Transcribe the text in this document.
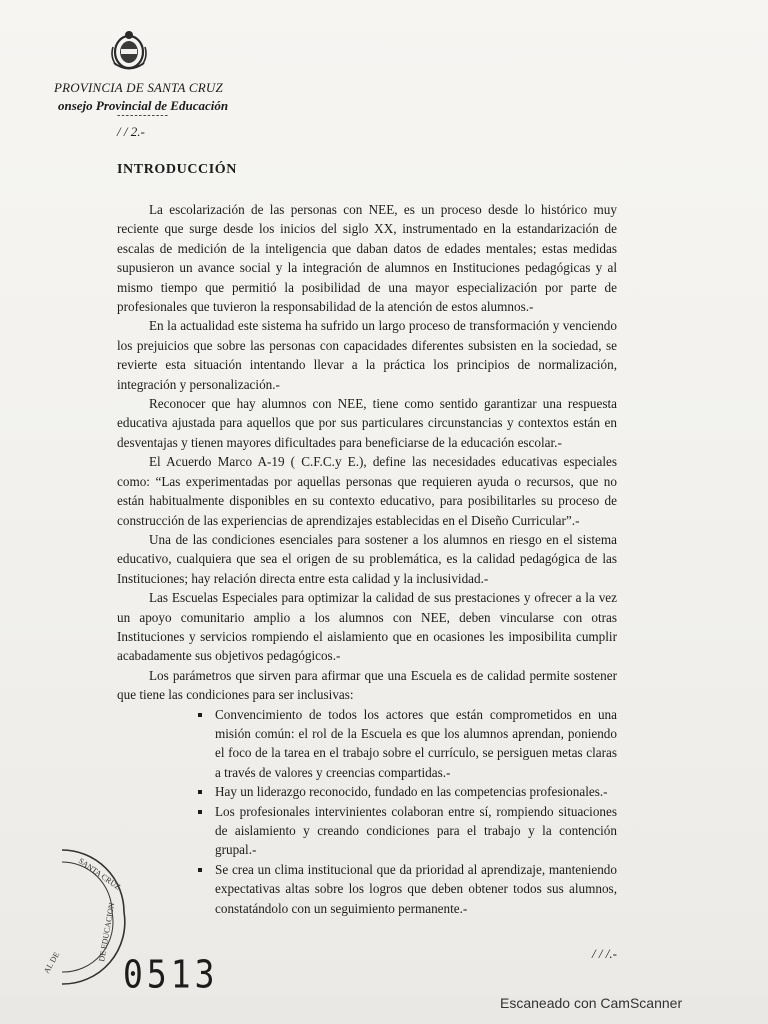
PROVINCIA DE SANTA CRUZ
onsejo Provincial de Educación
------------
/ / 2.-
INTRODUCCIÓN

La escolarización de las personas con NEE, es un proceso desde lo histórico muy reciente que surge desde los inicios del siglo XX, instrumentado en la estandarización de escalas de medición de la inteligencia que daban datos de edades mentales; estas medidas supusieron un avance social y la integración de alumnos en Instituciones pedagógicas y al mismo tiempo que permitió la posibilidad de una mayor especialización por parte de profesionales que tuvieron la responsabilidad de la atención de estos alumnos.-

En la actualidad este sistema ha sufrido un largo proceso de transformación y venciendo los prejuicios que sobre las personas con capacidades diferentes subsisten en la sociedad, se revierte esta situación intentando llevar a la práctica los principios de normalización, integración y personalización.-

Reconocer que hay alumnos con NEE, tiene como sentido garantizar una respuesta educativa ajustada para aquellos que por sus particulares circunstancias y contextos están en desventajas y tienen mayores dificultades para beneficiarse de la educación escolar.-

El Acuerdo Marco A-19 ( C.F.C.y E.), define las necesidades educativas especiales como: “Las experimentadas por aquellas personas que requieren ayuda o recursos, que no están habitualmente disponibles en su contexto educativo, para posibilitarles su proceso de construcción de las experiencias de aprendizajes establecidas en el Diseño Curricular”.-

Una de las condiciones esenciales para sostener a los alumnos en riesgo en el sistema educativo, cualquiera que sea el origen de su problemática, es la calidad pedagógica de las Instituciones; hay relación directa entre esta calidad y la inclusividad.-

Las Escuelas Especiales para optimizar la calidad de sus prestaciones y ofrecer a la vez un apoyo comunitario amplio a los alumnos con NEE, deben vincularse con otras Instituciones y servicios rompiendo el aislamiento que en ocasiones les imposibilita cumplir acabadamente sus objetivos pedagógicos.-

Los parámetros que sirven para afirmar que una Escuela es de calidad permite sostener que tiene las condiciones para ser inclusivas:

Convencimiento de todos los actores que están comprometidos en una misión común: el rol de la Escuela es que los alumnos aprendan, poniendo el foco de la tarea en el trabajo sobre el currículo, se persiguen metas claras a través de valores y creencias compartidas.-
Hay un liderazgo reconocido, fundado en las competencias profesionales.-
Los profesionales intervinientes colaboran entre sí, rompiendo situaciones de aislamiento y creando condiciones para el trabajo y la contención grupal.-
Se crea un clima institucional que da prioridad al aprendizaje, manteniendo expectativas altas sobre los logros que deben obtener todos sus alumnos, constatándolo con un seguimiento permanente.-
SANTA CRUZ
DE EDUCACION
AL DE 0513	/ / /.-
Escaneado con CamScanner
